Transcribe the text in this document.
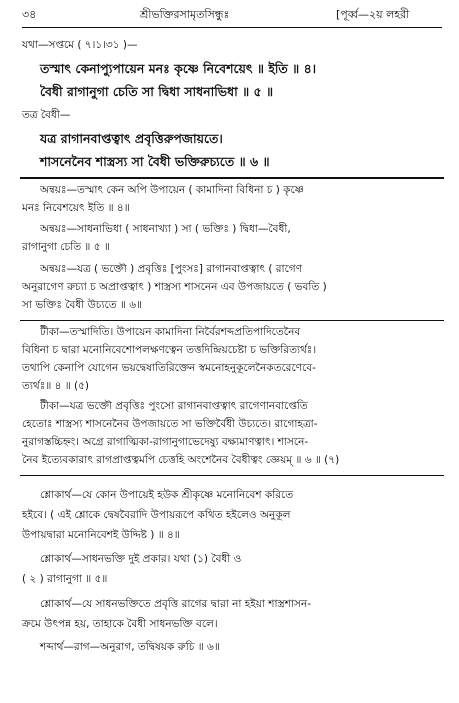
৩৪	শ্রীভক্তিরসামৃতসিন্ধুঃ	[পূর্ব্ব—২য় লহরী
যথা—সপ্তমে ( ৭।১।৩১ )—
তস্মাৎ কেনাপ্যুপায়েন মনঃ কৃষ্ণে নিবেশয়েৎ ॥ ইতি ॥ ৪।
বৈধী রাগানুগা চেতি সা দ্বিধা সাধনাভিধা ॥ ৫ ॥
তত্র বৈধী—
যত্র রাগানবাপ্তত্বাৎ প্রবৃত্তিরুপজায়তে।
শাসনেনৈব শাস্ত্রস্য সা বৈধী ভক্তিরুচ্যতে ॥ ৬ ॥
অন্বয়ঃ—তস্মাৎ কেন অপি উপায়েন ( কামাদিনা বিধিনা চ ) কৃষ্ণে
মনঃ নিবেশয়েৎ ইতি ॥ ৪॥
অন্বয়ঃ—সাধনাভিধা ( সাধনাখ্যা ) সা ( ভক্তিঃ ) দ্বিধা—বৈধী,
রাগানুগা চেতি ॥ ৫ ॥
অন্বয়ঃ—যত্র ( ভক্তৌ ) প্রবৃত্তিঃ [পুংসঃ] রাগানবাপ্তত্বাৎ ( রাগেণ
অনুরাগেণ রুচ্যা চ অপ্রাপ্তত্বাৎ ) শাস্ত্রস্য শাসনেন এব উপজায়তে ( ভবতি )
সা ভক্তিঃ বৈধী উচ্যতে ॥ ৬॥
টীকা—তস্মাদিতি। উপায়েন কামাদিনা নির্বৈরশব্দপ্রতিপাদিতেনৈব
বিধিনা চ দ্বারা মনোনিবেশোপলক্ষণত্বেন তত্তদিন্দ্রিয়চেষ্টা চ ভক্তিরিত্যর্থঃ।
তথাপি কেনাপি যোগেন ভয়দ্বেষাতিরিক্তেন স্বমনোহনুকূলেনৈকতরেণেবে-
ত্যর্থঃ॥ ৪ ॥ (৫)
টীকা—যত্র ভক্তৌ প্রবৃত্তিঃ পুংসো রাগানবাপ্তত্বাৎ রাগেণানবাপ্তেতি
হেতোঃ শাস্ত্রস্য শাসনেনৈব উপজায়তে সা ভক্তির্বৈধী উচ্যতে। রাগোহত্রা-
নুরাগস্তচ্চিহ্নং। অগ্রে রাগাত্মিকা-রাগানুগাভেদেষ্যু বক্ষ্যমাণত্বাৎ। শাসনে-
নৈব ইত্যেবকারাৎ রাগপ্রাপ্তত্বমপি চেত্তহি অংশেনৈব বৈধীত্বং জ্ঞেয়ম্ ॥ ৬ ॥ (৭)
শ্লোকার্থ—যে কোন উপায়েই হউক শ্রীকৃষ্ণে মনোনিবেশ করিতে
হইবে। ( এই শ্লোকে দ্বেষবৈরাদি উপায়রূপে কথিত হইলেও অনুকূল
উপায়দ্বারা মনোনিবেশই উদ্দিষ্ট ) ॥ ৪॥
শ্লোকার্থ—সাধনভক্তি দুই প্রকার। যথা (১) বৈধী ও
( ২ ) রাগানুগা ॥ ৫॥
শ্লোকার্থ—যে সাধনভক্তিতে প্রবৃত্তি রাগের দ্বারা না হইয়া শাস্ত্রশাসন-
ক্রমে উৎপন্ন হয়, তাহাকে বৈধী সাধনভক্তি বলে।
শব্দার্থ—রাগ—অনুরাগ, তদ্বিষয়ক রুচি ॥ ৬॥
